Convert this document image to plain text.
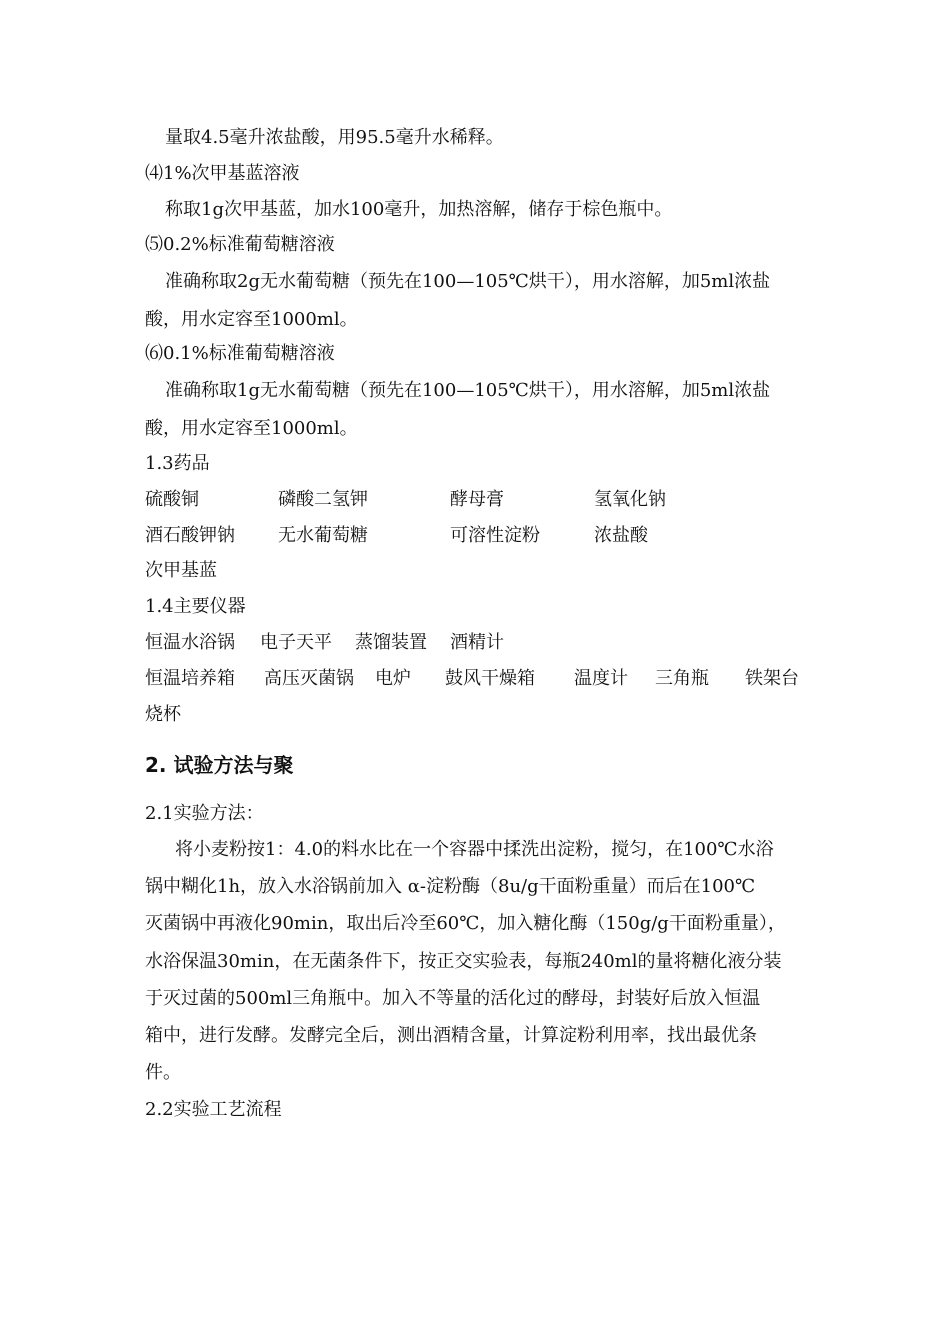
量取4.5毫升浓盐酸，用95.5毫升水稀释。
⑷1%次甲基蓝溶液
称取1g次甲基蓝，加水100毫升，加热溶解，储存于棕色瓶中。
⑸0.2%标准葡萄糖溶液
准确称取2g无水葡萄糖（预先在100—105℃烘干），用水溶解，加5ml浓盐
酸，用水定容至1000ml。
⑹0.1%标准葡萄糖溶液
准确称取1g无水葡萄糖（预先在100—105℃烘干），用水溶解，加5ml浓盐
酸，用水定容至1000ml。
1.3药品
硫酸铜	磷酸二氢钾	酵母膏	氢氧化钠
酒石酸钾钠 无水葡萄糖	可溶性淀粉	浓盐酸
次甲基蓝
1.4主要仪器
恒温水浴锅 电子天平 蒸馏装置 酒精计
恒温培养箱 高压灭菌锅 电炉 鼓风干燥箱 温度计 三角瓶 铁架台
烧杯
2. 试验方法与聚
2.1实验方法：
将小麦粉按1：4.0的料水比在一个容器中揉洗出淀粉，搅匀，在100℃水浴
锅中糊化1h，放入水浴锅前加入 α-淀粉酶（8u/g干面粉重量）而后在100℃
灭菌锅中再液化90min，取出后冷至60℃，加入糖化酶（150g/g干面粉重量），
水浴保温30min，在无菌条件下，按正交实验表，每瓶240ml的量将糖化液分装
于灭过菌的500ml三角瓶中。加入不等量的活化过的酵母，封装好后放入恒温
箱中，进行发酵。发酵完全后，测出酒精含量，计算淀粉利用率，找出最优条
件。
2.2实验工艺流程
